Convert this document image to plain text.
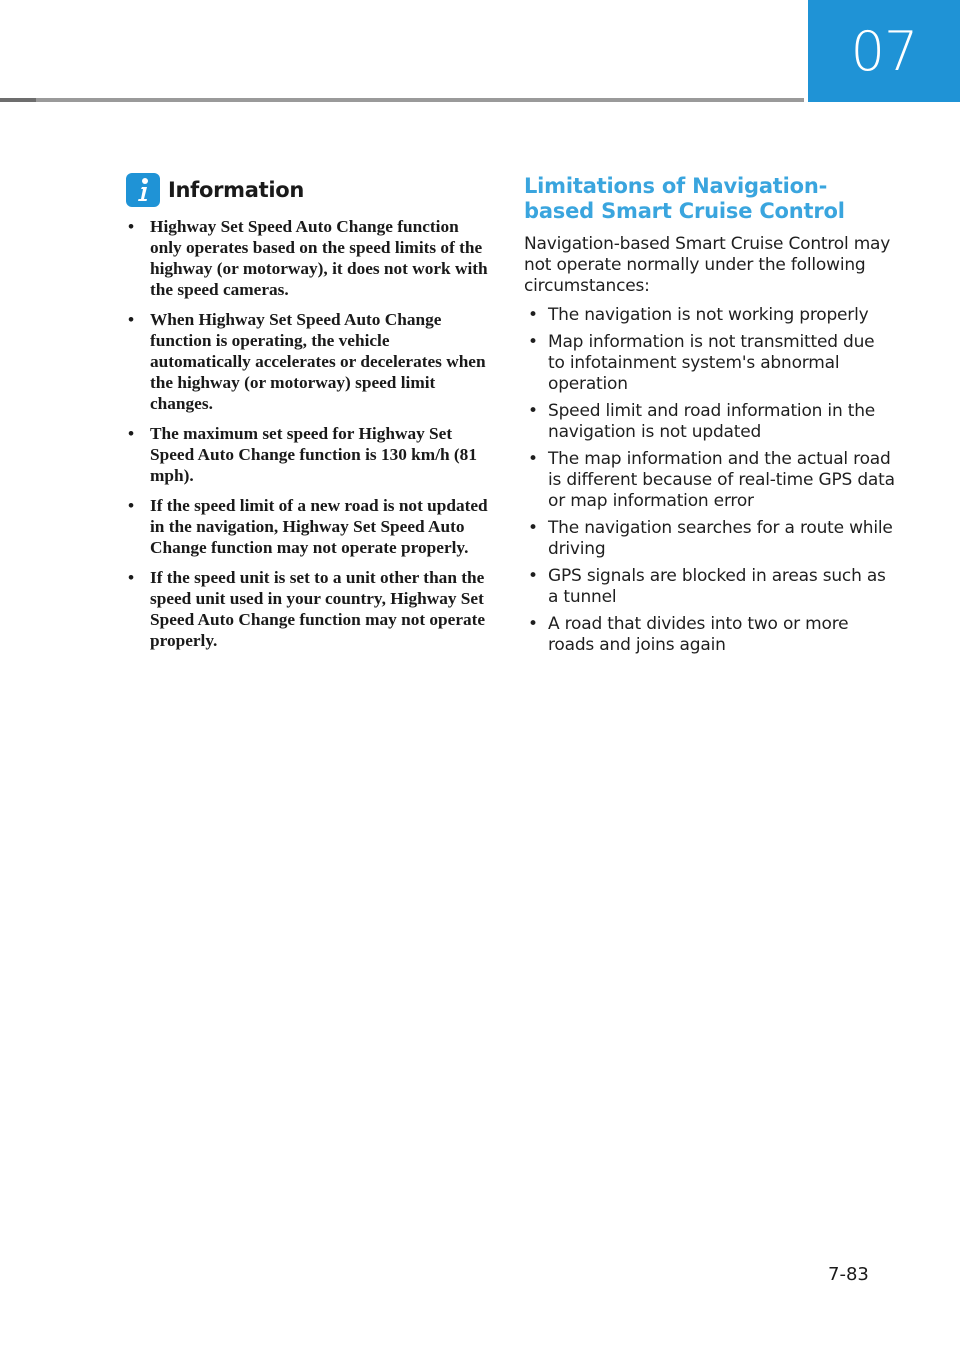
07
Information
• Highway Set Speed Auto Change function only operates based on the speed limits of the highway (or motorway), it does not work with the speed cameras.
• When Highway Set Speed Auto Change function is operating, the vehicle automatically accelerates or decelerates when the highway (or motorway) speed limit changes.
• The maximum set speed for Highway Set Speed Auto Change function is 130 km/h (81 mph).
• If the speed limit of a new road is not updated in the navigation, Highway Set Speed Auto Change function may not operate properly.
• If the speed unit is set to a unit other than the speed unit used in your country, Highway Set Speed Auto Change function may not operate properly.
Limitations of Navigation-based Smart Cruise Control

Navigation-based Smart Cruise Control may not operate normally under the following circumstances:

• The navigation is not working properly
• Map information is not transmitted due to infotainment system's abnormal operation
• Speed limit and road information in the navigation is not updated
• The map information and the actual road is different because of real-time GPS data or map information error
• The navigation searches for a route while driving
• GPS signals are blocked in areas such as a tunnel
• A road that divides into two or more roads and joins again
7-83
